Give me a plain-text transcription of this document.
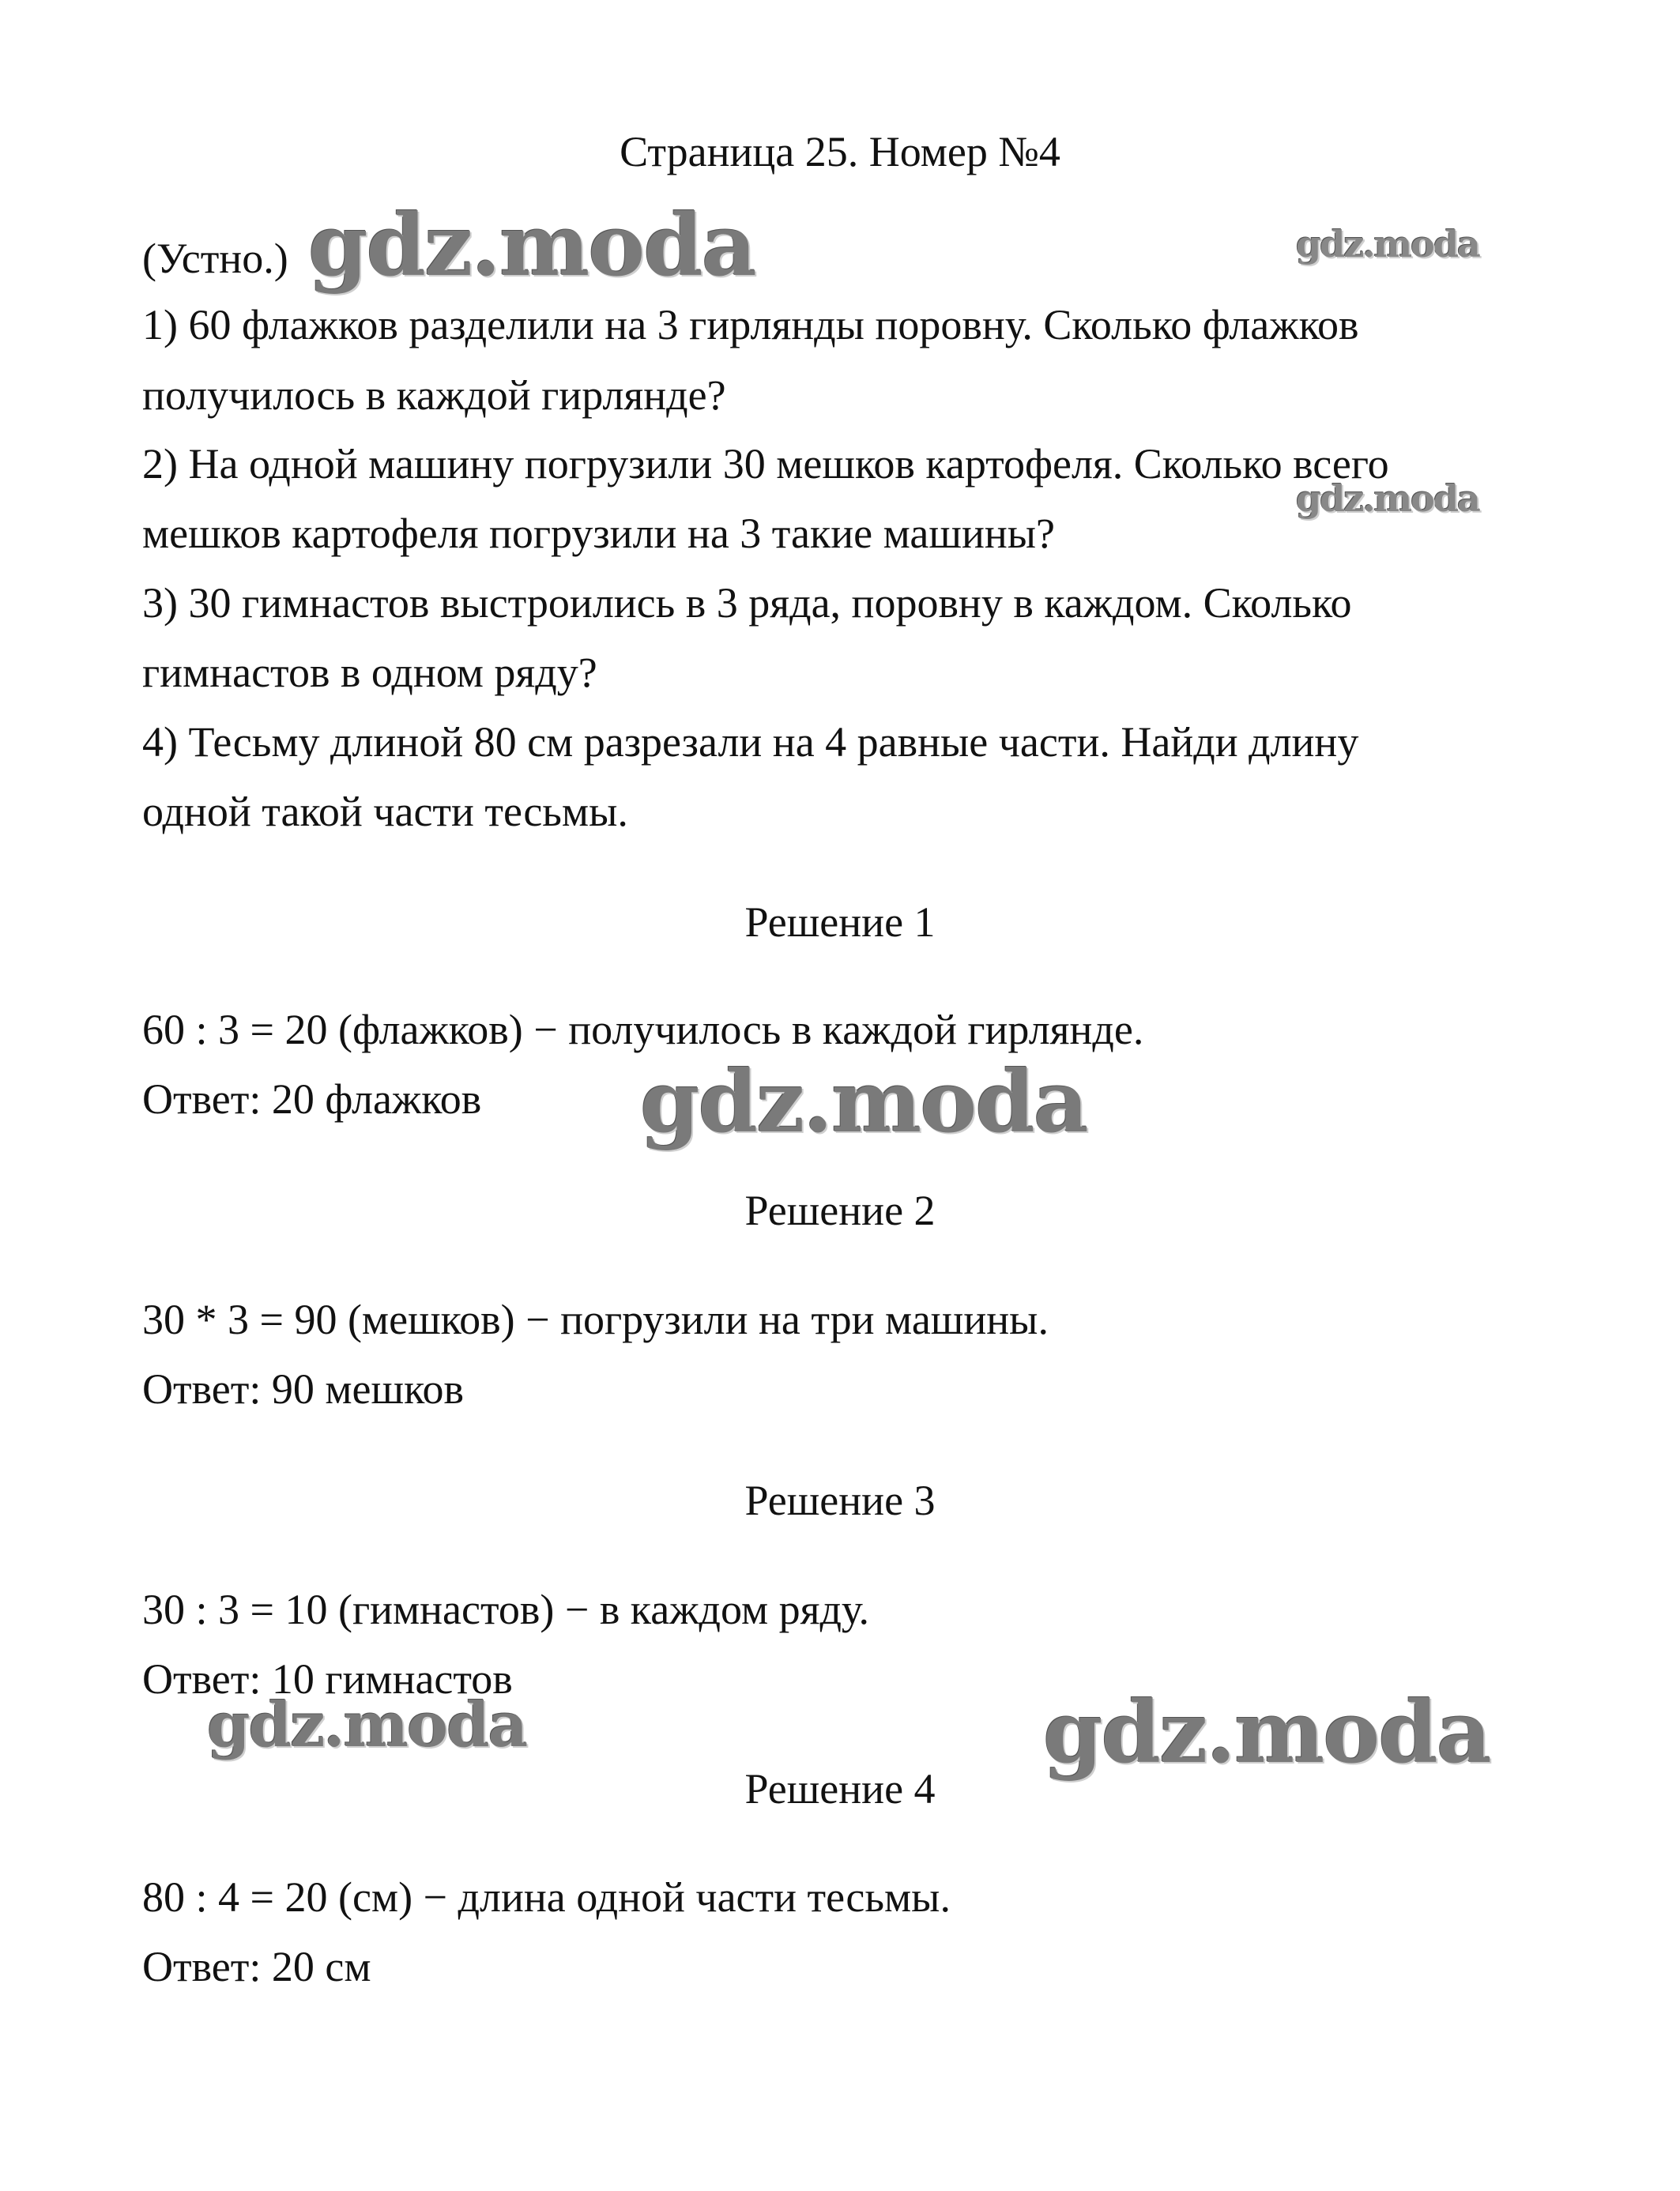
Страница 25. Номер №4
(Устно.)
1) 60 флажков разделили на 3 гирлянды поровну. Сколько флажков
получилось в каждой гирлянде?
2) На одной машину погрузили 30 мешков картофеля. Сколько всего
мешков картофеля погрузили на 3 такие машины?
3) 30 гимнастов выстроились в 3 ряда, поровну в каждом. Сколько
гимнастов в одном ряду?
4) Тесьму длиной 80 см разрезали на 4 равные части. Найди длину
одной такой части тесьмы.
Решение 1
60 : 3 = 20 (флажков) − получилось в каждой гирлянде.
Ответ: 20 флажков
Решение 2
30 * 3 = 90 (мешков) − погрузили на три машины.
Ответ: 90 мешков
Решение 3
30 : 3 = 10 (гимнастов) − в каждом ряду.
Ответ: 10 гимнастов
Решение 4
80 : 4 = 20 (см) − длина одной части тесьмы.
Ответ: 20 см
gdz.moda	gdz.moda
gdz.moda
gdz.moda
gdz.moda	gdz.moda
